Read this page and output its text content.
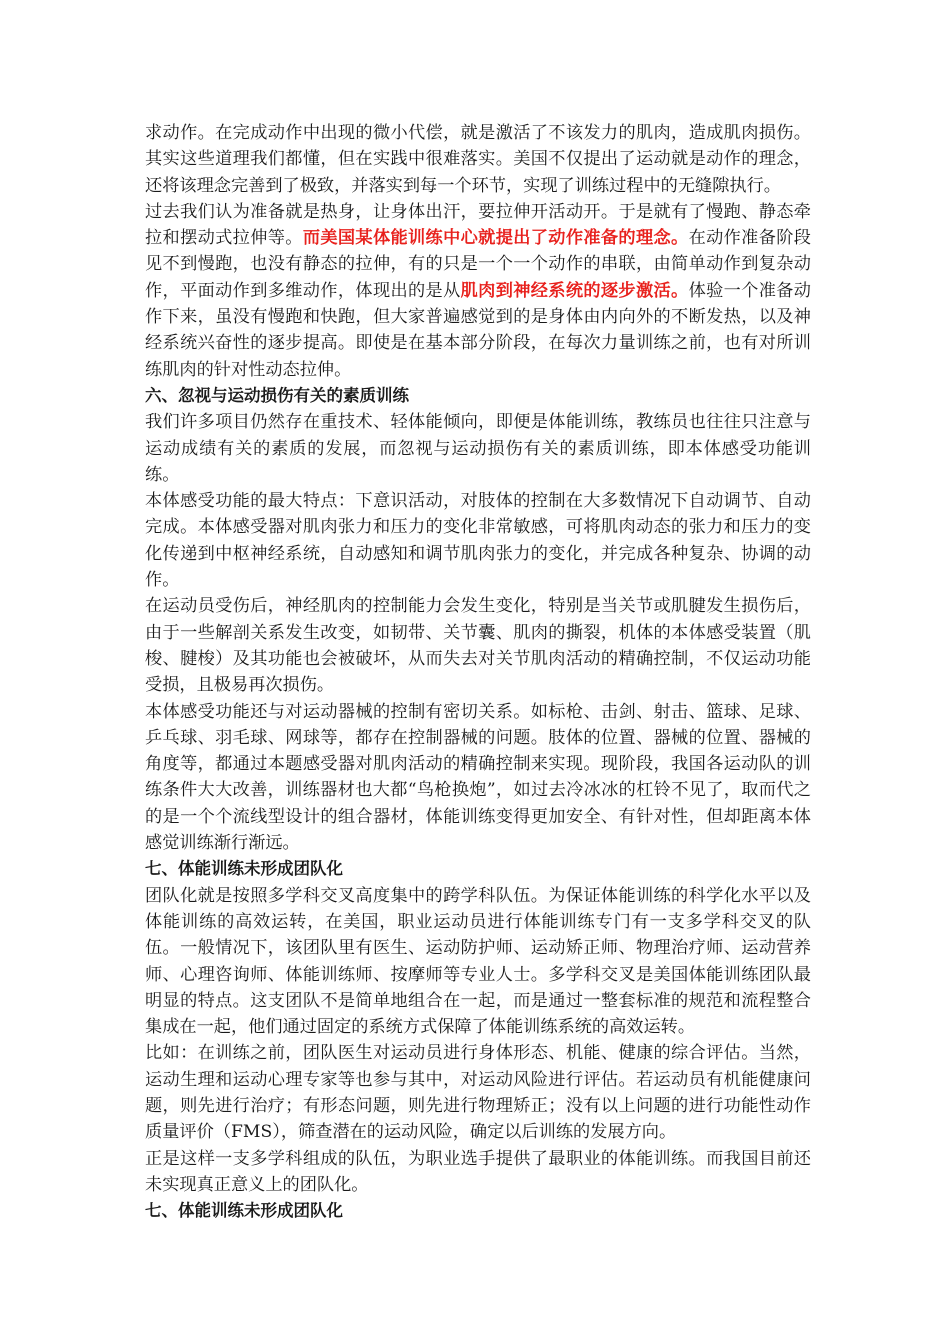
求动作。在完成动作中出现的微小代偿，就是激活了不该发力的肌肉，造成肌肉损伤。其实这些道理我们都懂，但在实践中很难落实。美国不仅提出了运动就是动作的理念，还将该理念完善到了极致，并落实到每一个环节，实现了训练过程中的无缝隙执行。

过去我们认为准备就是热身，让身体出汗，要拉伸开活动开。于是就有了慢跑、静态牵拉和摆动式拉伸等。而美国某体能训练中心就提出了动作准备的理念。在动作准备阶段见不到慢跑，也没有静态的拉伸，有的只是一个一个动作的串联，由简单动作到复杂动作，平面动作到多维动作，体现出的是从肌肉到神经系统的逐步激活。体验一个准备动作下来，虽没有慢跑和快跑，但大家普遍感觉到的是身体由内向外的不断发热，以及神经系统兴奋性的逐步提高。即使是在基本部分阶段，在每次力量训练之前，也有对所训练肌肉的针对性动态拉伸。

六、忽视与运动损伤有关的素质训练

我们许多项目仍然存在重技术、轻体能倾向，即便是体能训练，教练员也往往只注意与运动成绩有关的素质的发展，而忽视与运动损伤有关的素质训练，即本体感受功能训练。

本体感受功能的最大特点：下意识活动，对肢体的控制在大多数情况下自动调节、自动完成。本体感受器对肌肉张力和压力的变化非常敏感，可将肌肉动态的张力和压力的变化传递到中枢神经系统，自动感知和调节肌肉张力的变化，并完成各种复杂、协调的动作。

在运动员受伤后，神经肌肉的控制能力会发生变化，特别是当关节或肌腱发生损伤后，由于一些解剖关系发生改变，如韧带、关节囊、肌肉的撕裂，机体的本体感受装置（肌梭、腱梭）及其功能也会被破坏，从而失去对关节肌肉活动的精确控制，不仅运动功能受损，且极易再次损伤。

本体感受功能还与对运动器械的控制有密切关系。如标枪、击剑、射击、篮球、足球、乒乓球、羽毛球、网球等，都存在控制器械的问题。肢体的位置、器械的位置、器械的角度等，都通过本题感受器对肌肉活动的精确控制来实现。现阶段，我国各运动队的训练条件大大改善，训练器材也大都“鸟枪换炮”，如过去冷冰冰的杠铃不见了，取而代之的是一个个流线型设计的组合器材，体能训练变得更加安全、有针对性，但却距离本体感觉训练渐行渐远。

七、体能训练未形成团队化

团队化就是按照多学科交叉高度集中的跨学科队伍。为保证体能训练的科学化水平以及体能训练的高效运转，在美国，职业运动员进行体能训练专门有一支多学科交叉的队伍。一般情况下，该团队里有医生、运动防护师、运动矫正师、物理治疗师、运动营养师、心理咨询师、体能训练师、按摩师等专业人士。多学科交叉是美国体能训练团队最明显的特点。这支团队不是简单地组合在一起，而是通过一整套标准的规范和流程整合集成在一起，他们通过固定的系统方式保障了体能训练系统的高效运转。

比如：在训练之前，团队医生对运动员进行身体形态、机能、健康的综合评估。当然，运动生理和运动心理专家等也参与其中，对运动风险进行评估。若运动员有机能健康问题，则先进行治疗；有形态问题，则先进行物理矫正；没有以上问题的进行功能性动作质量评价（FMS），筛查潜在的运动风险，确定以后训练的发展方向。

正是这样一支多学科组成的队伍，为职业选手提供了最职业的体能训练。而我国目前还未实现真正意义上的团队化。

七、体能训练未形成团队化
